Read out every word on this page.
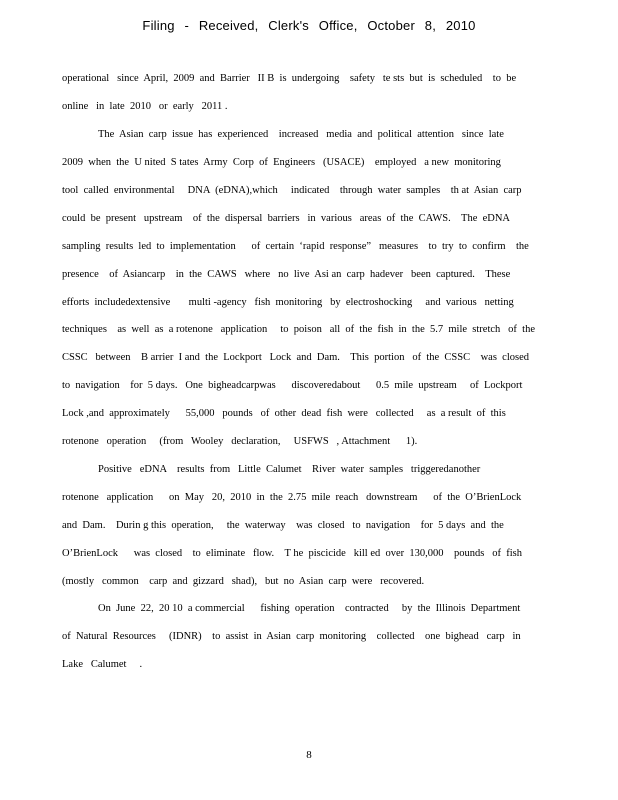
Filing - Received, Clerk's Office, October 8, 2010
operational   since  April,  2009  and  Barrier   II B  is  undergoing    safety   te sts  but  is  scheduled    to  be
online   in  late  2010   or  early   2011 .
The  Asian  carp  issue  has  experienced    increased   media  and  political  attention   since  late
2009  when  the  U nited  S tates  Army  Corp  of  Engineers   (USACE)    employed   a new  monitoring
tool  called  environmental     DNA  (eDNA),which     indicated    through  water  samples    th at  Asian  carp
could  be  present   upstream    of  the  dispersal  barriers   in  various   areas  of  the  CAWS.    The  eDNA
sampling  results  led  to  implementation      of  certain  ‘rapid  response”   measures    to  try  to  confirm    the
presence    of  Asiancarp    in  the  CAWS   where   no  live  Asi an  carp  hadever   been  captured.    These
efforts  includedextensive       multi -agency   fish  monitoring   by  electroshocking     and  various   netting
techniques    as  well  as  a rotenone   application     to  poison   all  of  the  fish  in  the  5.7  mile  stretch   of  the
CSSC   between    B arrier  I and  the  Lockport   Lock  and  Dam.    This  portion   of  the  CSSC    was  closed
to  navigation    for  5 days.   One  bigheadcarpwas      discoveredabout      0.5  mile  upstream     of  Lockport
Lock ,and  approximately      55,000   pounds   of  other  dead  fish  were   collected     as  a result  of  this
rotenone   operation     (from   Wooley   declaration,     USFWS   , Attachment      1).
Positive   eDNA    results  from   Little  Calumet    River  water  samples   triggeredanother
rotenone   application      on  May   20,  2010  in  the  2.75  mile  reach   downstream      of  the  O’BrienLock
and  Dam.    Durin g this  operation,     the  waterway    was  closed   to  navigation    for  5 days  and  the
O’BrienLock      was  closed    to  eliminate   flow.    T he  piscicide   kill ed  over  130,000    pounds   of  fish
(mostly   common    carp  and  gizzard   shad),   but  no  Asian  carp  were   recovered.
On  June  22,  20 10  a commercial      fishing  operation    contracted     by  the  Illinois  Department
of  Natural  Resources     (IDNR)    to  assist  in  Asian  carp  monitoring    collected    one  bighead   carp   in
Lake   Calumet     .
8
